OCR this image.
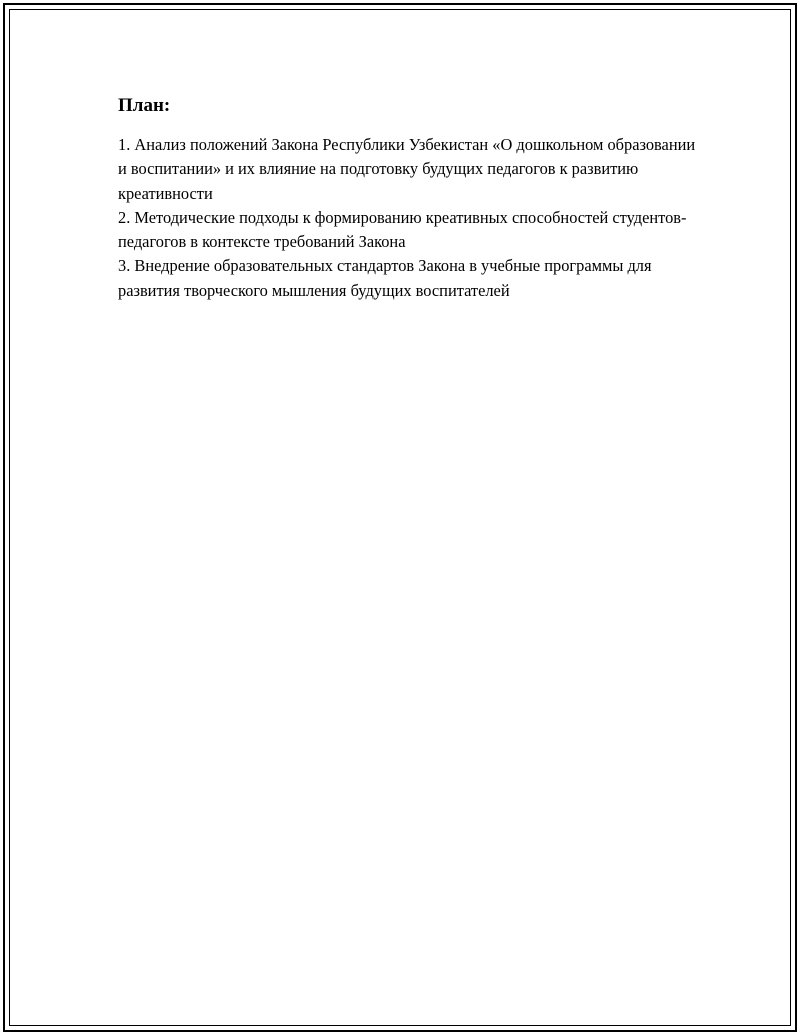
План:
1. Анализ положений Закона Республики Узбекистан «О дошкольном образовании и воспитании» и их влияние на подготовку будущих педагогов к развитию креативности
2. Методические подходы к формированию креативных способностей студентов-педагогов в контексте требований Закона
3. Внедрение образовательных стандартов Закона в учебные программы для развития творческого мышления будущих воспитателей
